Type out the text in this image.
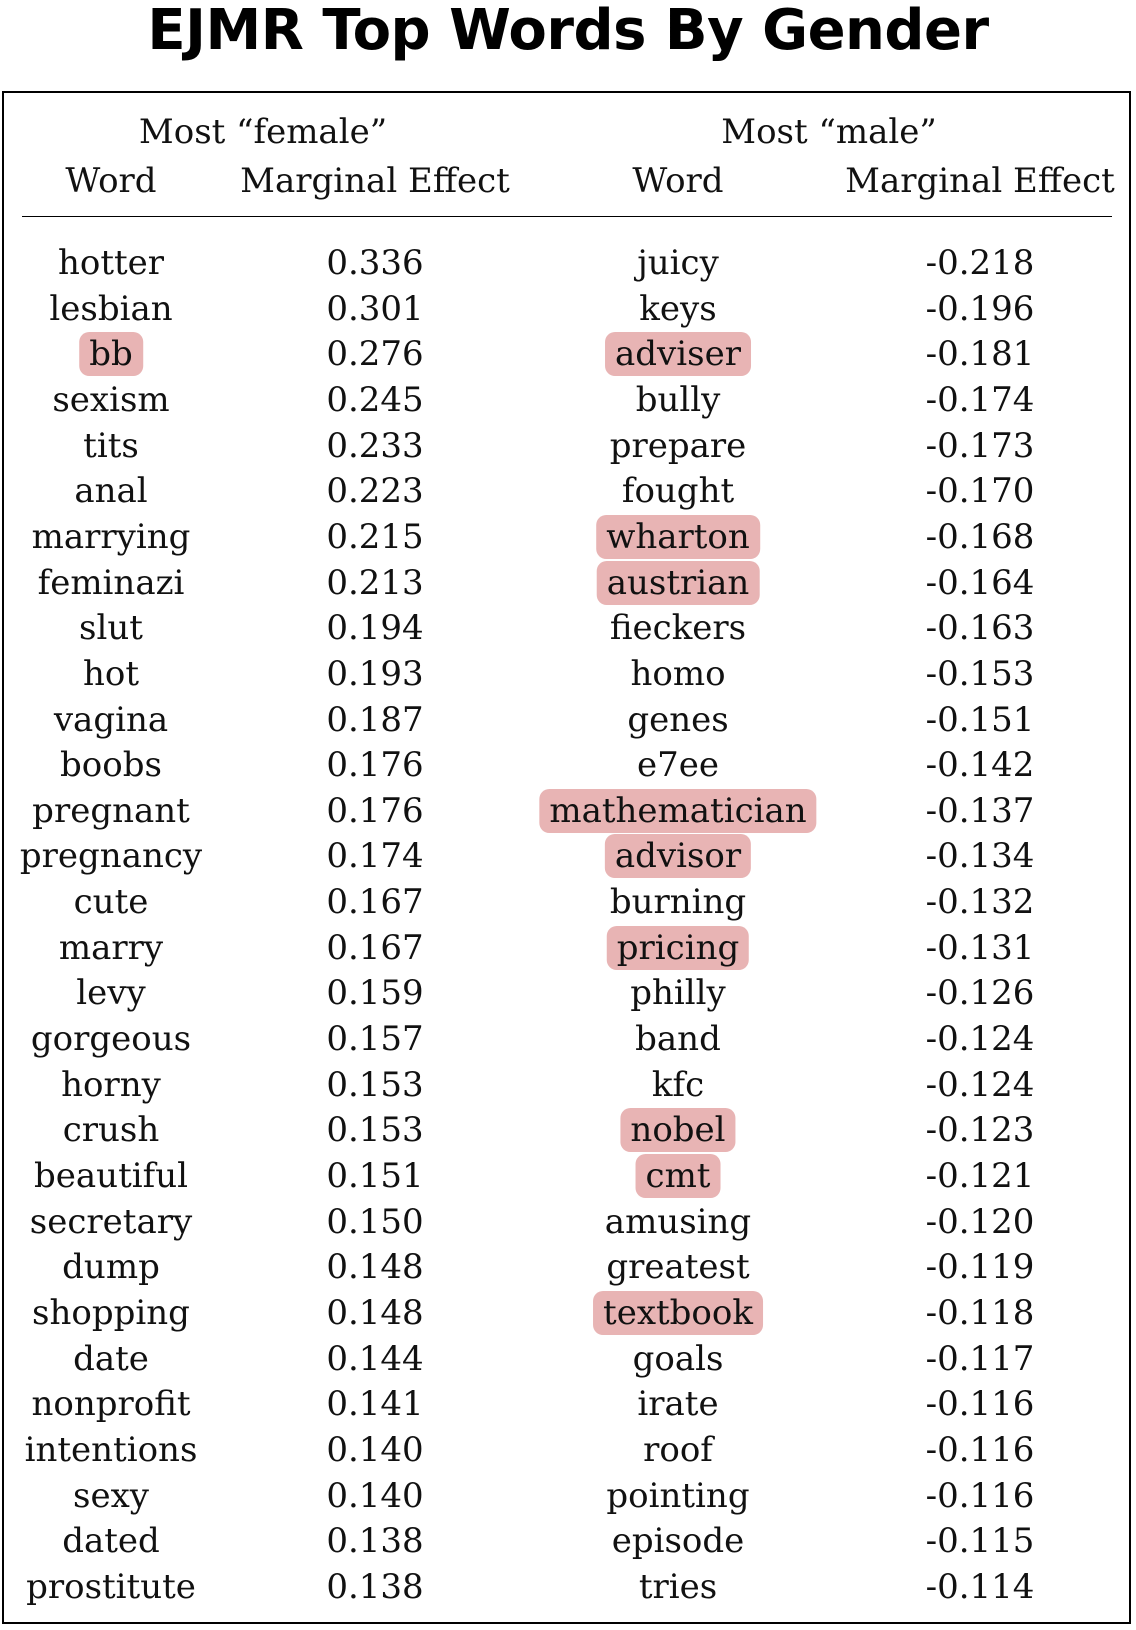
EJMR Top Words By Gender
Most “female”	Most “male”
Word Marginal Effect	Word	Marginal Effect
hotter	0.336	juicy	-0.218
lesbian	0.301	keys	-0.196
bb	0.276	adviser	-0.181
sexism	0.245	bully	-0.174
tits	0.233	prepare	-0.173
anal	0.223	fought	-0.170
marrying	0.215	wharton	-0.168
feminazi	0.213	austrian	-0.164
slut	0.194	fieckers	-0.163
hot	0.193	homo	-0.153
vagina	0.187	genes	-0.151
boobs	0.176	e7ee	-0.142
pregnant	0.176	mathematician	-0.137
pregnancy	0.174	advisor	-0.134
cute	0.167	burning	-0.132
marry	0.167	pricing	-0.131
levy	0.159	philly	-0.126
gorgeous	0.157	band	-0.124
horny	0.153	kfc	-0.124
crush	0.153	nobel	-0.123
beautiful	0.151	cmt	-0.121
secretary	0.150	amusing	-0.120
dump	0.148	greatest	-0.119
shopping	0.148	textbook	-0.118
date	0.144	goals	-0.117
nonprofit	0.141	irate	-0.116
intentions	0.140	roof	-0.116
sexy	0.140	pointing	-0.116
dated	0.138	episode	-0.115
prostitute	0.138	tries	-0.114
